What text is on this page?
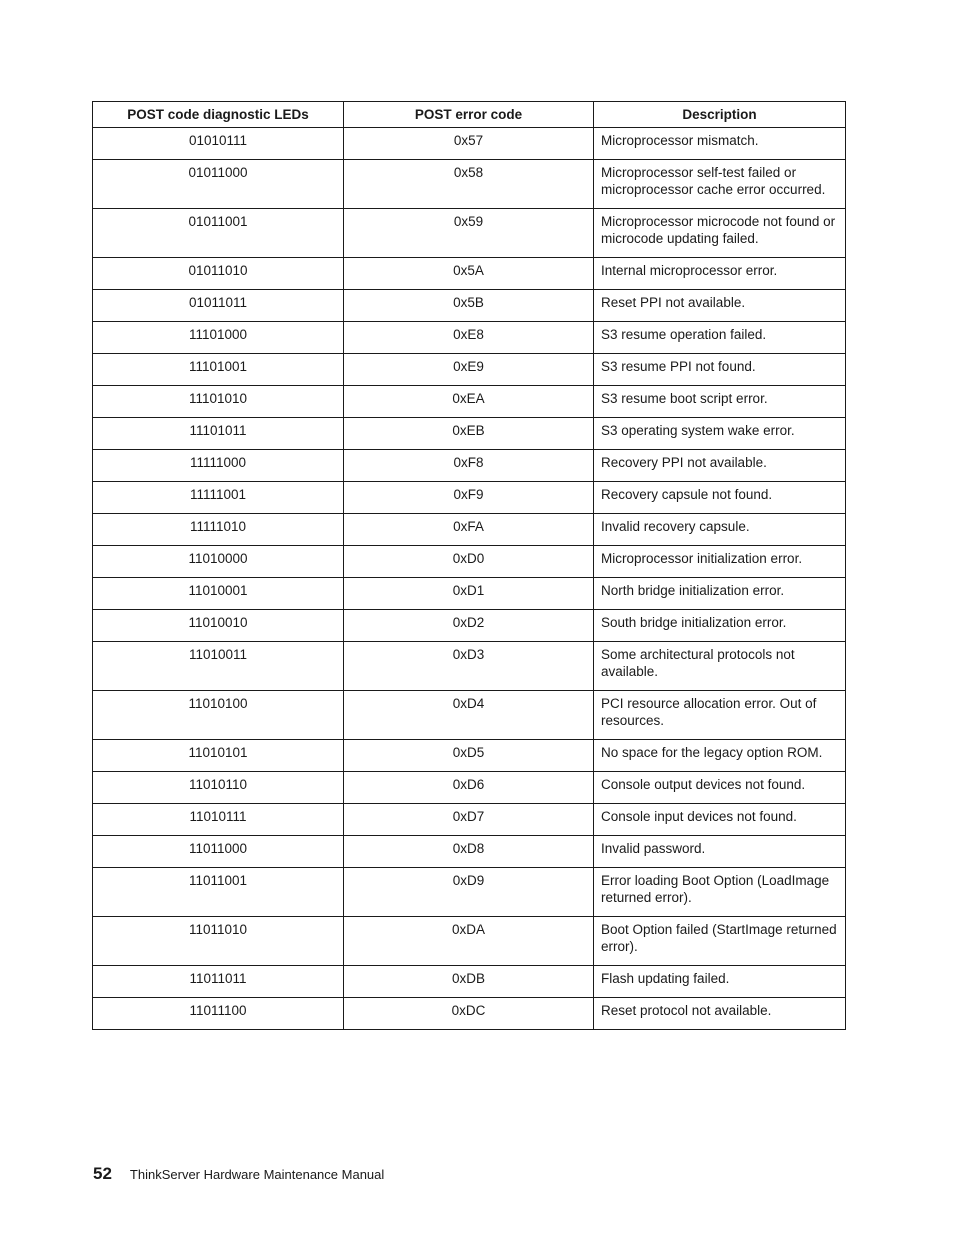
POST code diagnostic LEDs	POST error code	Description
01010111	0x57	Microprocessor mismatch.
01011000	0x58	Microprocessor self-test failed or microprocessor cache error occurred.
01011001	0x59	Microprocessor microcode not found or microcode updating failed.
01011010	0x5A	Internal microprocessor error.
01011011	0x5B	Reset PPI not available.
11101000	0xE8	S3 resume operation failed.
11101001	0xE9	S3 resume PPI not found.
11101010	0xEA	S3 resume boot script error.
11101011	0xEB	S3 operating system wake error.
11111000	0xF8	Recovery PPI not available.
11111001	0xF9	Recovery capsule not found.
11111010	0xFA	Invalid recovery capsule.
11010000	0xD0	Microprocessor initialization error.
11010001	0xD1	North bridge initialization error.
11010010	0xD2	South bridge initialization error.
11010011	0xD3	Some architectural protocols not available.
11010100	0xD4	PCI resource allocation error. Out of resources.
11010101	0xD5	No space for the legacy option ROM.
11010110	0xD6	Console output devices not found.
11010111	0xD7	Console input devices not found.
11011000	0xD8	Invalid password.
11011001	0xD9	Error loading Boot Option (LoadImage returned error).
11011010	0xDA	Boot Option failed (StartImage returned error).
11011011	0xDB	Flash updating failed.
11011100	0xDC	Reset protocol not available.
52 ThinkServer Hardware Maintenance Manual
